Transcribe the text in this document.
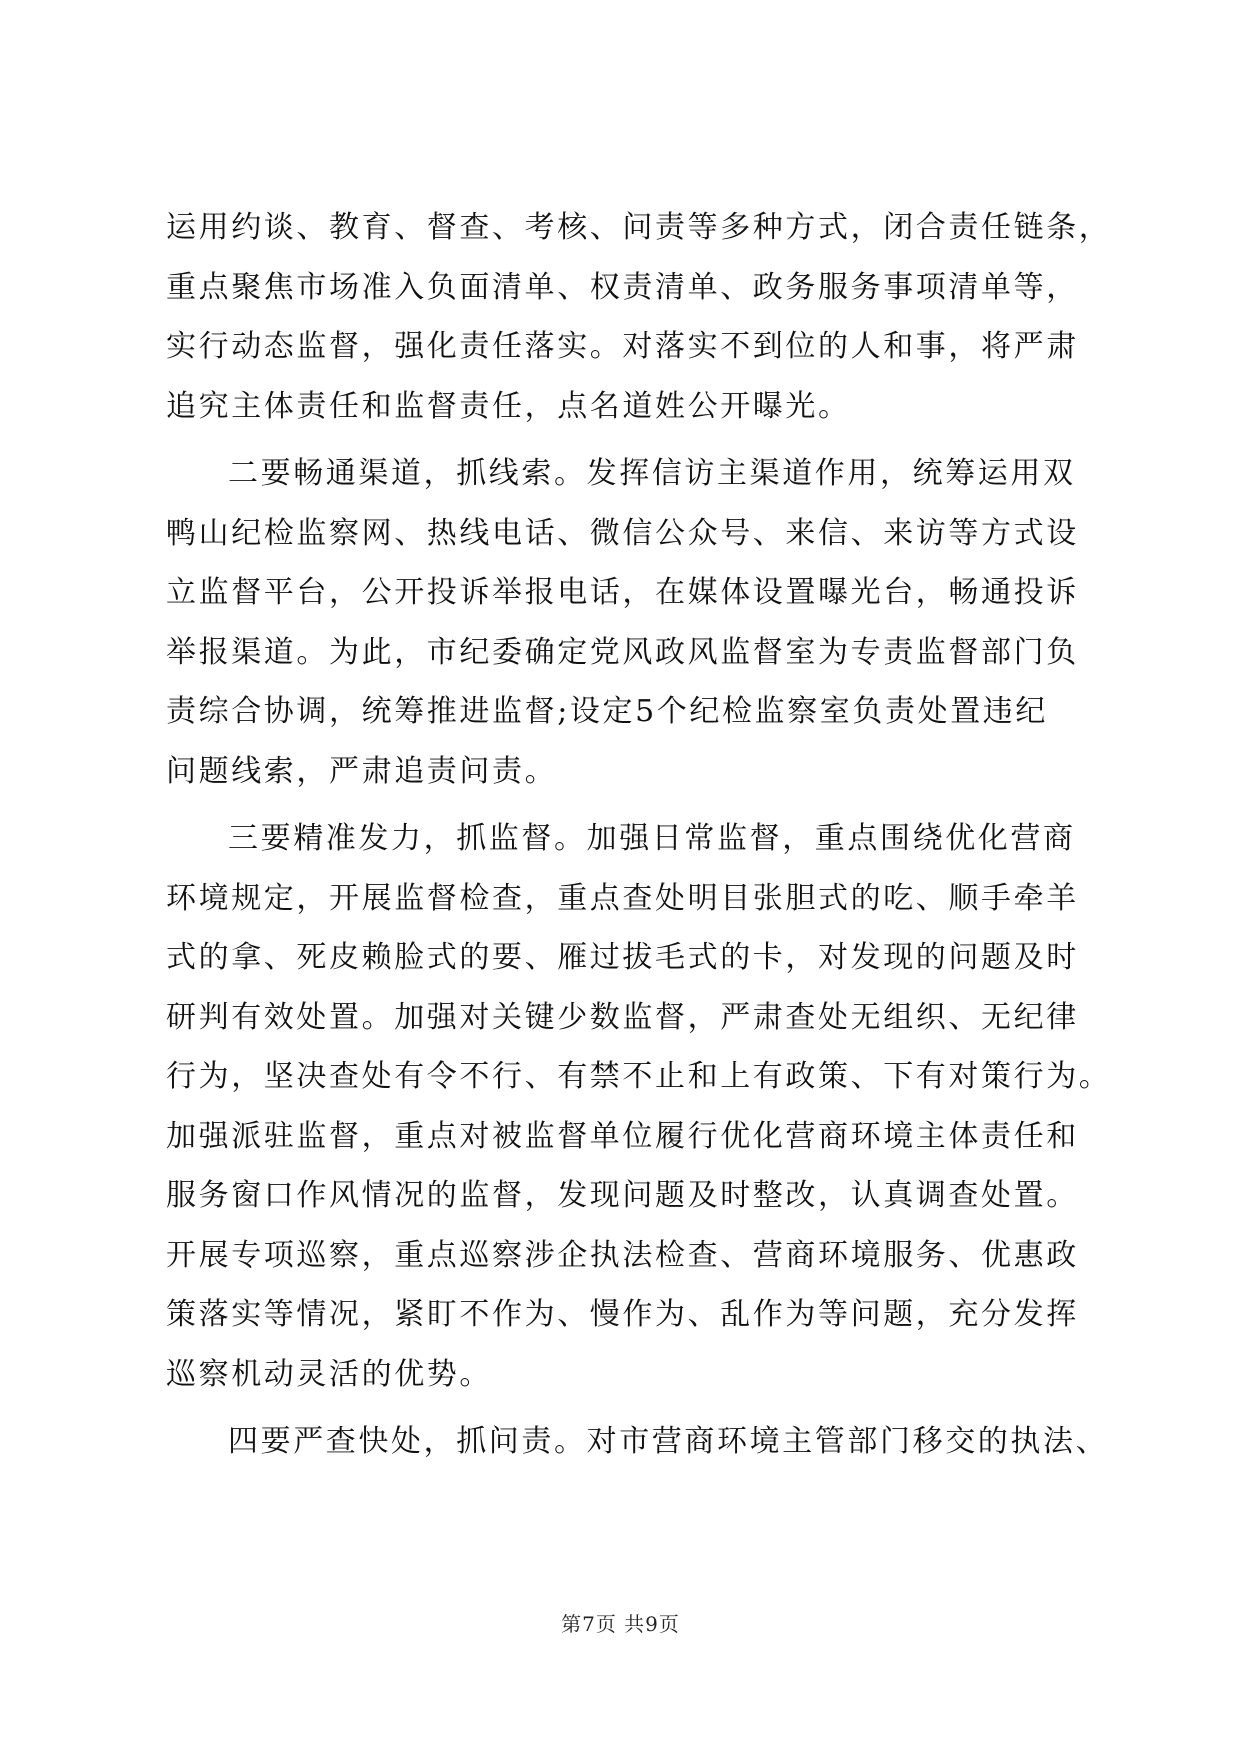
运用约谈、教育、督查、考核、问责等多种方式，闭合责任链条，
重点聚焦市场准入负面清单、权责清单、政务服务事项清单等，
实行动态监督，强化责任落实。对落实不到位的人和事，将严肃
追究主体责任和监督责任，点名道姓公开曝光。
二要畅通渠道，抓线索。发挥信访主渠道作用，统筹运用双
鸭山纪检监察网、热线电话、微信公众号、来信、来访等方式设
立监督平台，公开投诉举报电话，在媒体设置曝光台，畅通投诉
举报渠道。为此，市纪委确定党风政风监督室为专责监督部门负
责综合协调，统筹推进监督;设定5个纪检监察室负责处置违纪
问题线索，严肃追责问责。
三要精准发力，抓监督。加强日常监督，重点围绕优化营商
环境规定，开展监督检查，重点查处明目张胆式的吃、顺手牵羊
式的拿、死皮赖脸式的要、雁过拔毛式的卡，对发现的问题及时
研判有效处置。加强对关键少数监督，严肃查处无组织、无纪律
行为，坚决查处有令不行、有禁不止和上有政策、下有对策行为。
加强派驻监督，重点对被监督单位履行优化营商环境主体责任和
服务窗口作风情况的监督，发现问题及时整改，认真调查处置。
开展专项巡察，重点巡察涉企执法检查、营商环境服务、优惠政
策落实等情况，紧盯不作为、慢作为、乱作为等问题，充分发挥
巡察机动灵活的优势。
四要严查快处，抓问责。对市营商环境主管部门移交的执法、
第7页 共9页
